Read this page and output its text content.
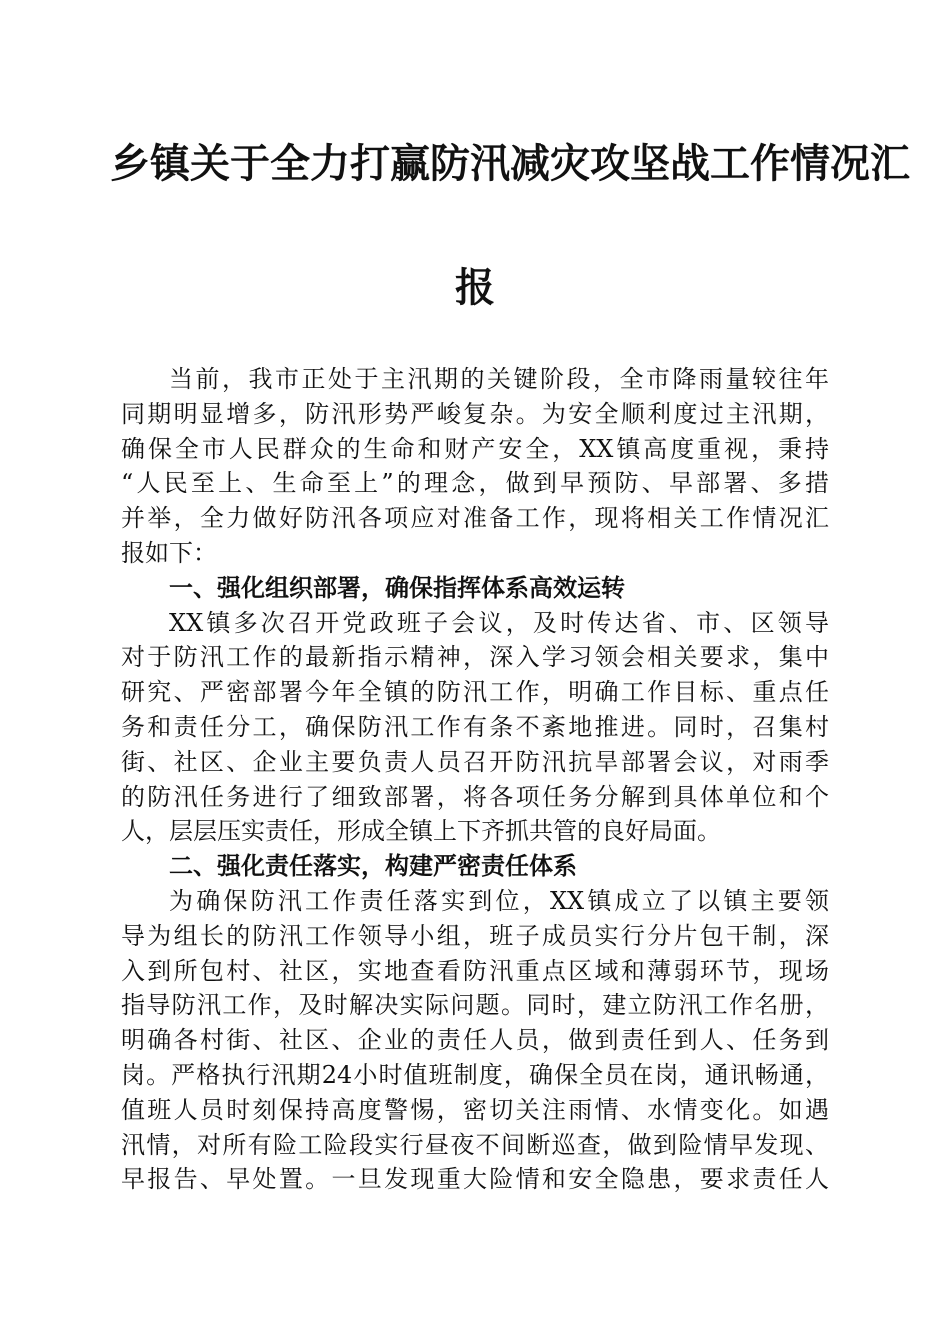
乡镇关于全力打赢防汛减灾攻坚战工作情况汇
报
当前，我市正处于主汛期的关键阶段，全市降雨量较往年
同期明显增多，防汛形势严峻复杂。为安全顺利度过主汛期，
确保全市人民群众的生命和财产安全，XX镇高度重视，秉持
“人民至上、生命至上”的理念，做到早预防、早部署、多措
并举，全力做好防汛各项应对准备工作，现将相关工作情况汇
报如下：
一、强化组织部署，确保指挥体系高效运转
XX镇多次召开党政班子会议，及时传达省、市、区领导
对于防汛工作的最新指示精神，深入学习领会相关要求，集中
研究、严密部署今年全镇的防汛工作，明确工作目标、重点任
务和责任分工，确保防汛工作有条不紊地推进。同时，召集村
街、社区、企业主要负责人员召开防汛抗旱部署会议，对雨季
的防汛任务进行了细致部署，将各项任务分解到具体单位和个
人，层层压实责任，形成全镇上下齐抓共管的良好局面。
二、强化责任落实，构建严密责任体系
为确保防汛工作责任落实到位，XX镇成立了以镇主要领
导为组长的防汛工作领导小组，班子成员实行分片包干制，深
入到所包村、社区，实地查看防汛重点区域和薄弱环节，现场
指导防汛工作，及时解决实际问题。同时，建立防汛工作名册，
明确各村街、社区、企业的责任人员，做到责任到人、任务到
岗。严格执行汛期24小时值班制度，确保全员在岗，通讯畅通，
值班人员时刻保持高度警惕，密切关注雨情、水情变化。如遇
汛情，对所有险工险段实行昼夜不间断巡查，做到险情早发现、
早报告、早处置。一旦发现重大险情和安全隐患，要求责任人
